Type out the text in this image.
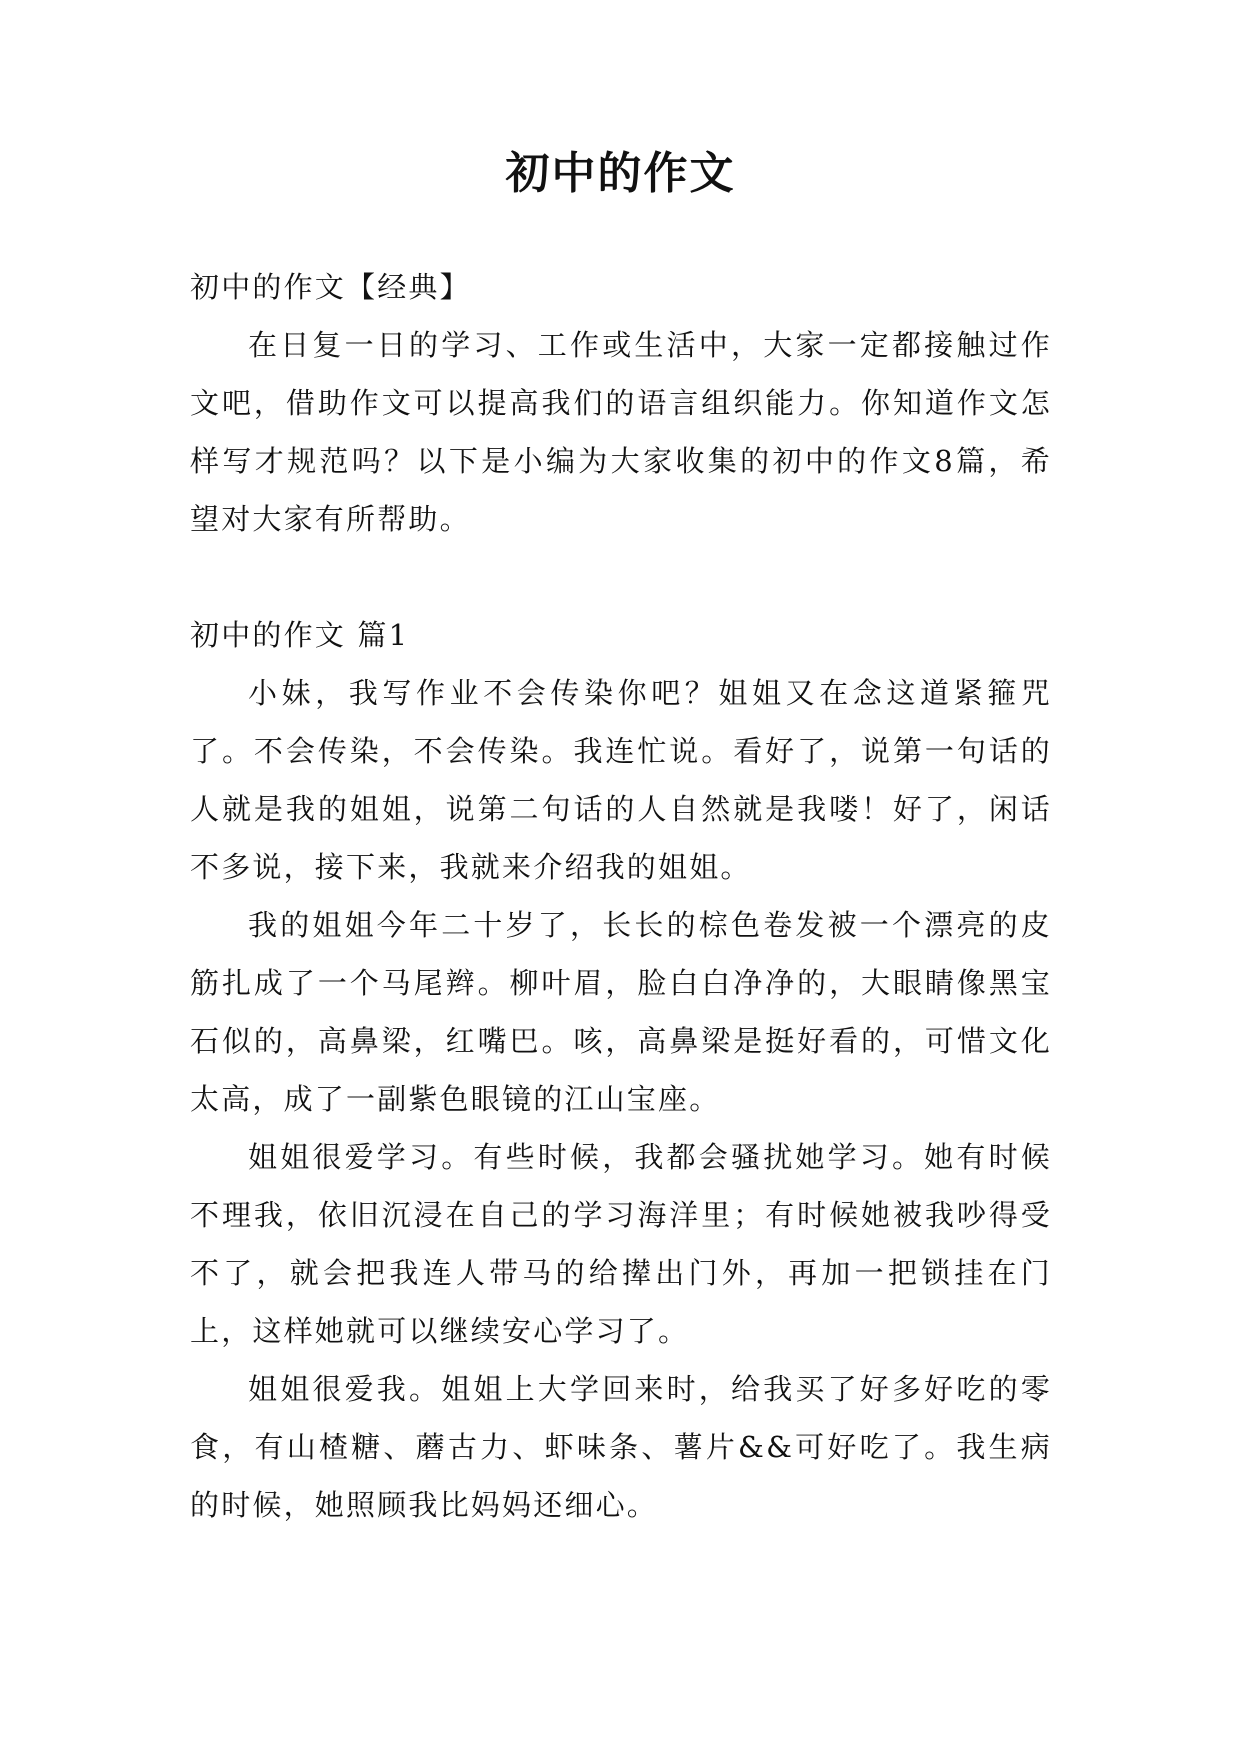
初中的作文

初中的作文【经典】

在日复一日的学习、工作或生活中，大家一定都接触过作文吧，借助作文可以提高我们的语言组织能力。你知道作文怎样写才规范吗？以下是小编为大家收集的初中的作文8篇，希望对大家有所帮助。

初中的作文 篇1

小妹，我写作业不会传染你吧？姐姐又在念这道紧箍咒了。不会传染，不会传染。我连忙说。看好了，说第一句话的人就是我的姐姐，说第二句话的人自然就是我喽！好了，闲话不多说，接下来，我就来介绍我的姐姐。

我的姐姐今年二十岁了，长长的棕色卷发被一个漂亮的皮筋扎成了一个马尾辫。柳叶眉，脸白白净净的，大眼睛像黑宝石似的，高鼻梁，红嘴巴。咳，高鼻梁是挺好看的，可惜文化太高，成了一副紫色眼镜的江山宝座。

姐姐很爱学习。有些时候，我都会骚扰她学习。她有时候不理我，依旧沉浸在自己的学习海洋里；有时候她被我吵得受不了，就会把我连人带马的给撵出门外，再加一把锁挂在门上，这样她就可以继续安心学习了。

姐姐很爱我。姐姐上大学回来时，给我买了好多好吃的零食，有山楂糖、蘑古力、虾味条、薯片&&可好吃了。我生病的时候，她照顾我比妈妈还细心。
